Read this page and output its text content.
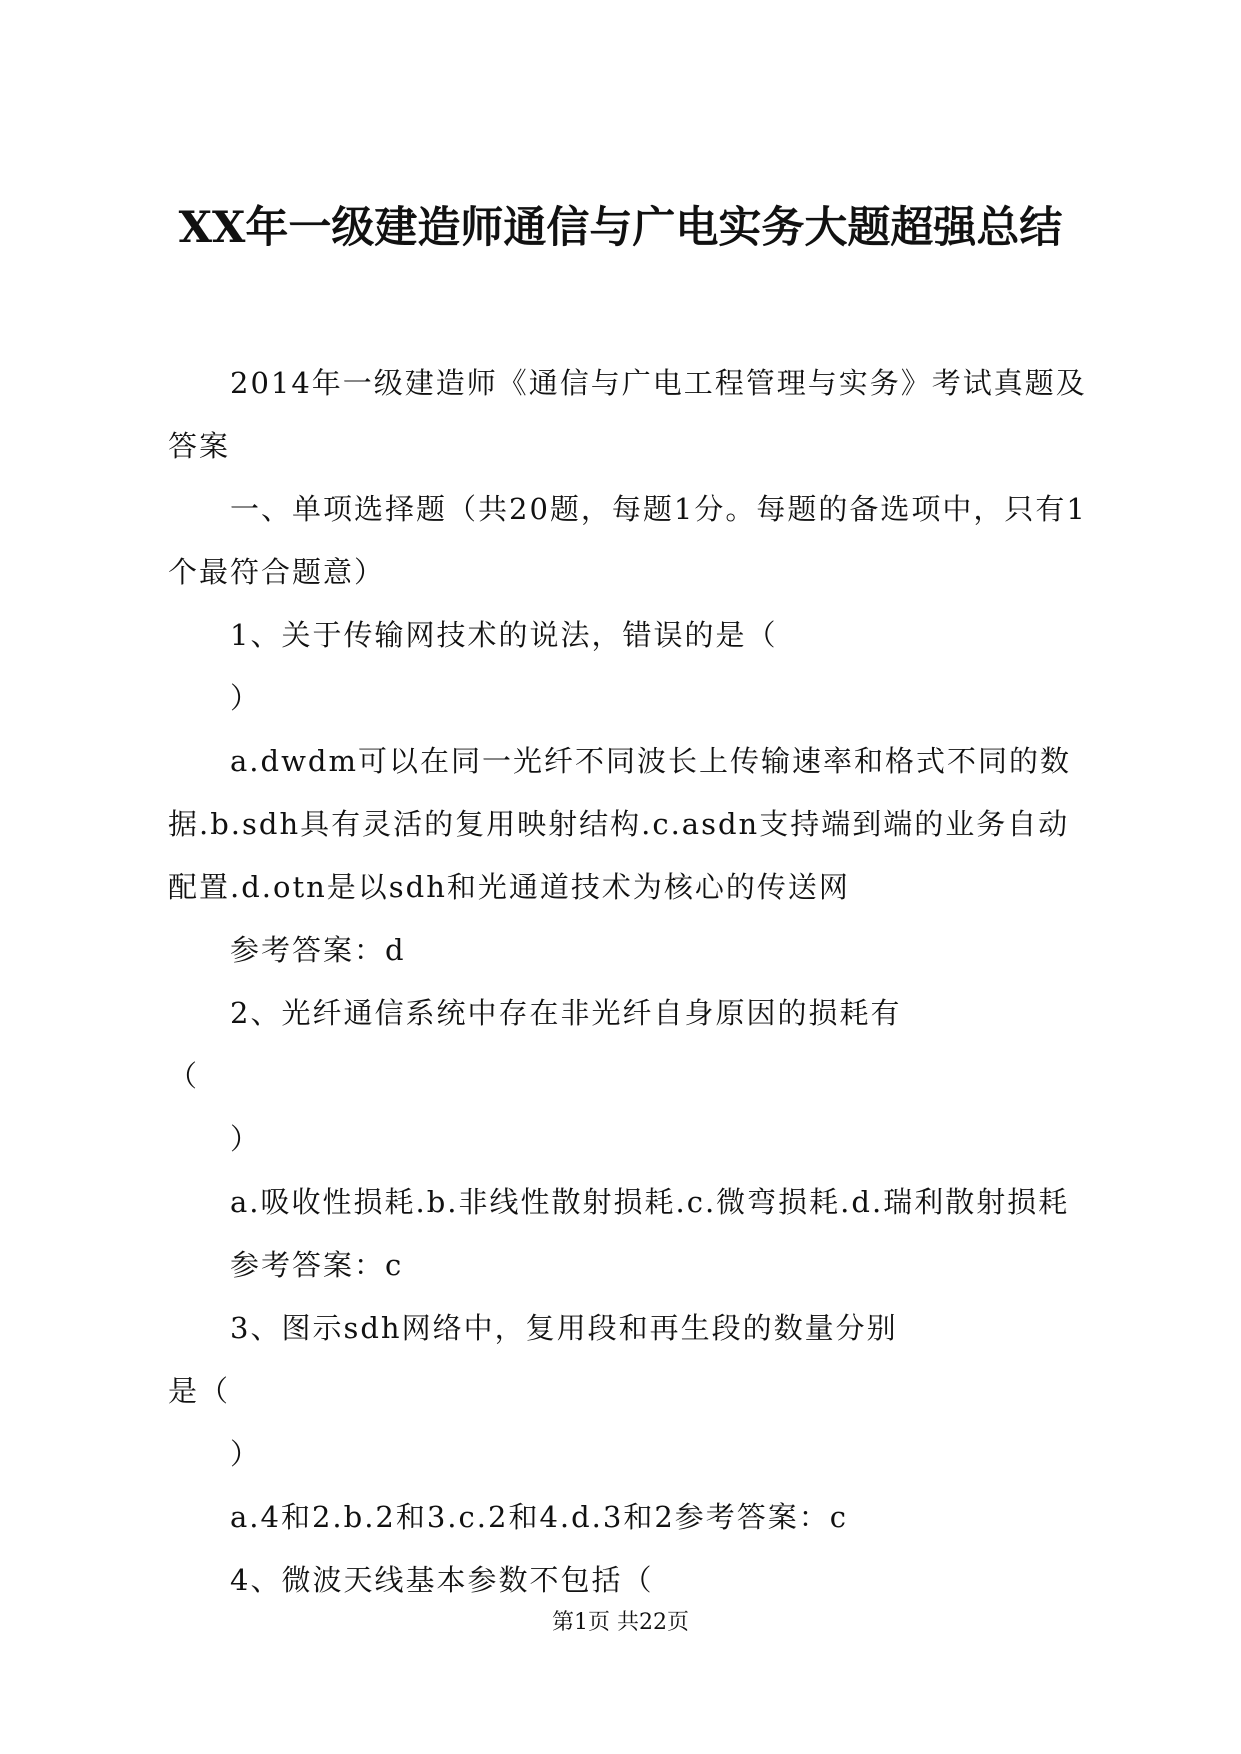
XX年一级建造师通信与广电实务大题超强总结

2014年一级建造师《通信与广电工程管理与实务》考试真题及答案

一、单项选择题（共20题，每题1分。每题的备选项中，只有1个最符合题意）

1、关于传输网技术的说法，错误的是（

）

a.dwdm可以在同一光纤不同波长上传输速率和格式不同的数据.b.sdh具有灵活的复用映射结构.c.asdn支持端到端的业务自动配置.d.otn是以sdh和光通道技术为核心的传送网

参考答案：d

2、光纤通信系统中存在非光纤自身原因的损耗有（

）

a.吸收性损耗.b.非线性散射损耗.c.微弯损耗.d.瑞利散射损耗

参考答案：c

3、图示sdh网络中，复用段和再生段的数量分别是（

）

a.4和2.b.2和3.c.2和4.d.3和2参考答案：c

4、微波天线基本参数不包括（

第1页 共22页
